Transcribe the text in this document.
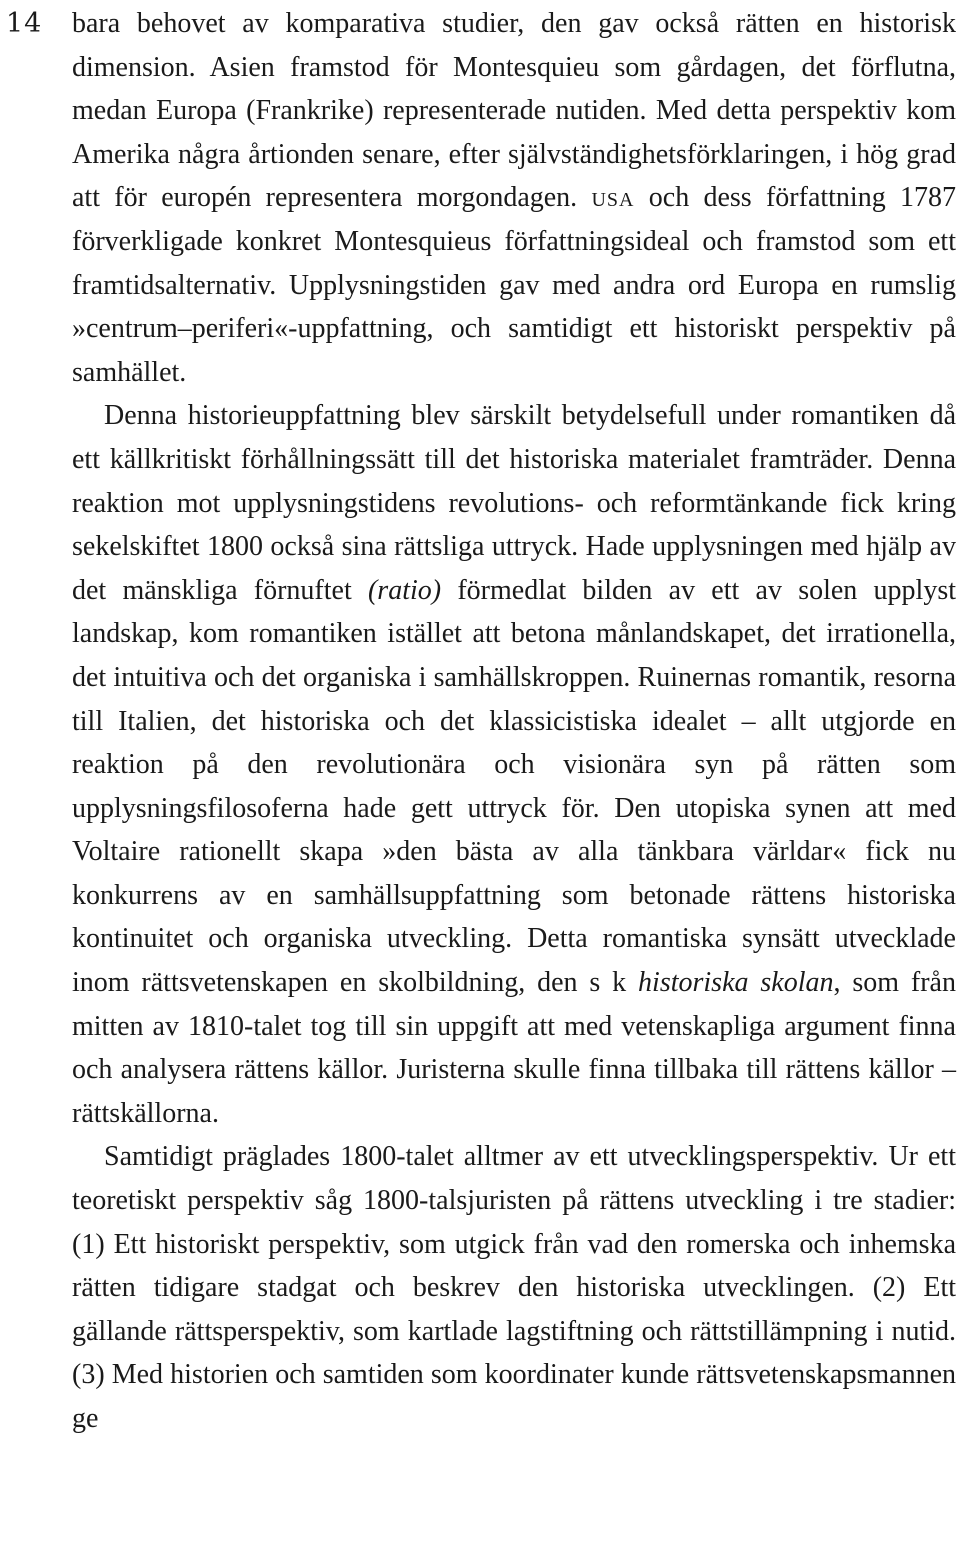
14 bara behovet av komparativa studier, den gav också rätten en historisk dimension. Asien framstod för Montesquieu som gårdagen, det förflutna, medan Europa (Frankrike) representerade nutiden. Med detta perspektiv kom Amerika några årtionden senare, efter självständighetsförklaringen, i hög grad att för europén representera morgondagen. usa och dess författning 1787 förverkligade konkret Montesquieus författningsideal och framstod som ett framtidsalternativ. Upplysningstiden gav med andra ord Europa en rumslig »centrum–periferi«-uppfattning, och samtidigt ett historiskt perspektiv på samhället.

Denna historieuppfattning blev särskilt betydelsefull under romantiken då ett källkritiskt förhållningssätt till det historiska materialet framträder. Denna reaktion mot upplysningstidens revolutions- och reformtänkande fick kring sekelskiftet 1800 också sina rättsliga uttryck. Hade upplysningen med hjälp av det mänskliga förnuftet (ratio) förmedlat bilden av ett av solen upplyst landskap, kom romantiken istället att betona månlandskapet, det irrationella, det intuitiva och det organiska i samhällskroppen. Ruinernas romantik, resorna till Italien, det historiska och det klassicistiska idealet – allt utgjorde en reaktion på den revolutionära och visionära syn på rätten som upplysningsfilosoferna hade gett uttryck för. Den utopiska synen att med Voltaire rationellt skapa »den bästa av alla tänkbara världar« fick nu konkurrens av en samhällsuppfattning som betonade rättens historiska kontinuitet och organiska utveckling. Detta romantiska synsätt utvecklade inom rättsvetenskapen en skolbildning, den s k historiska skolan, som från mitten av 1810-talet tog till sin uppgift att med vetenskapliga argument finna och analysera rättens källor. Juristerna skulle finna tillbaka till rättens källor – rättskällorna.

Samtidigt präglades 1800-talet alltmer av ett utvecklingsperspektiv. Ur ett teoretiskt perspektiv såg 1800-talsjuristen på rättens utveckling i tre stadier: (1) Ett historiskt perspektiv, som utgick från vad den romerska och inhemska rätten tidigare stadgat och beskrev den historiska utvecklingen. (2) Ett gällande rättsperspektiv, som kartlade lagstiftning och rättstillämpning i nutid. (3) Med historien och samtiden som koordinater kunde rättsvetenskapsmannen ge
